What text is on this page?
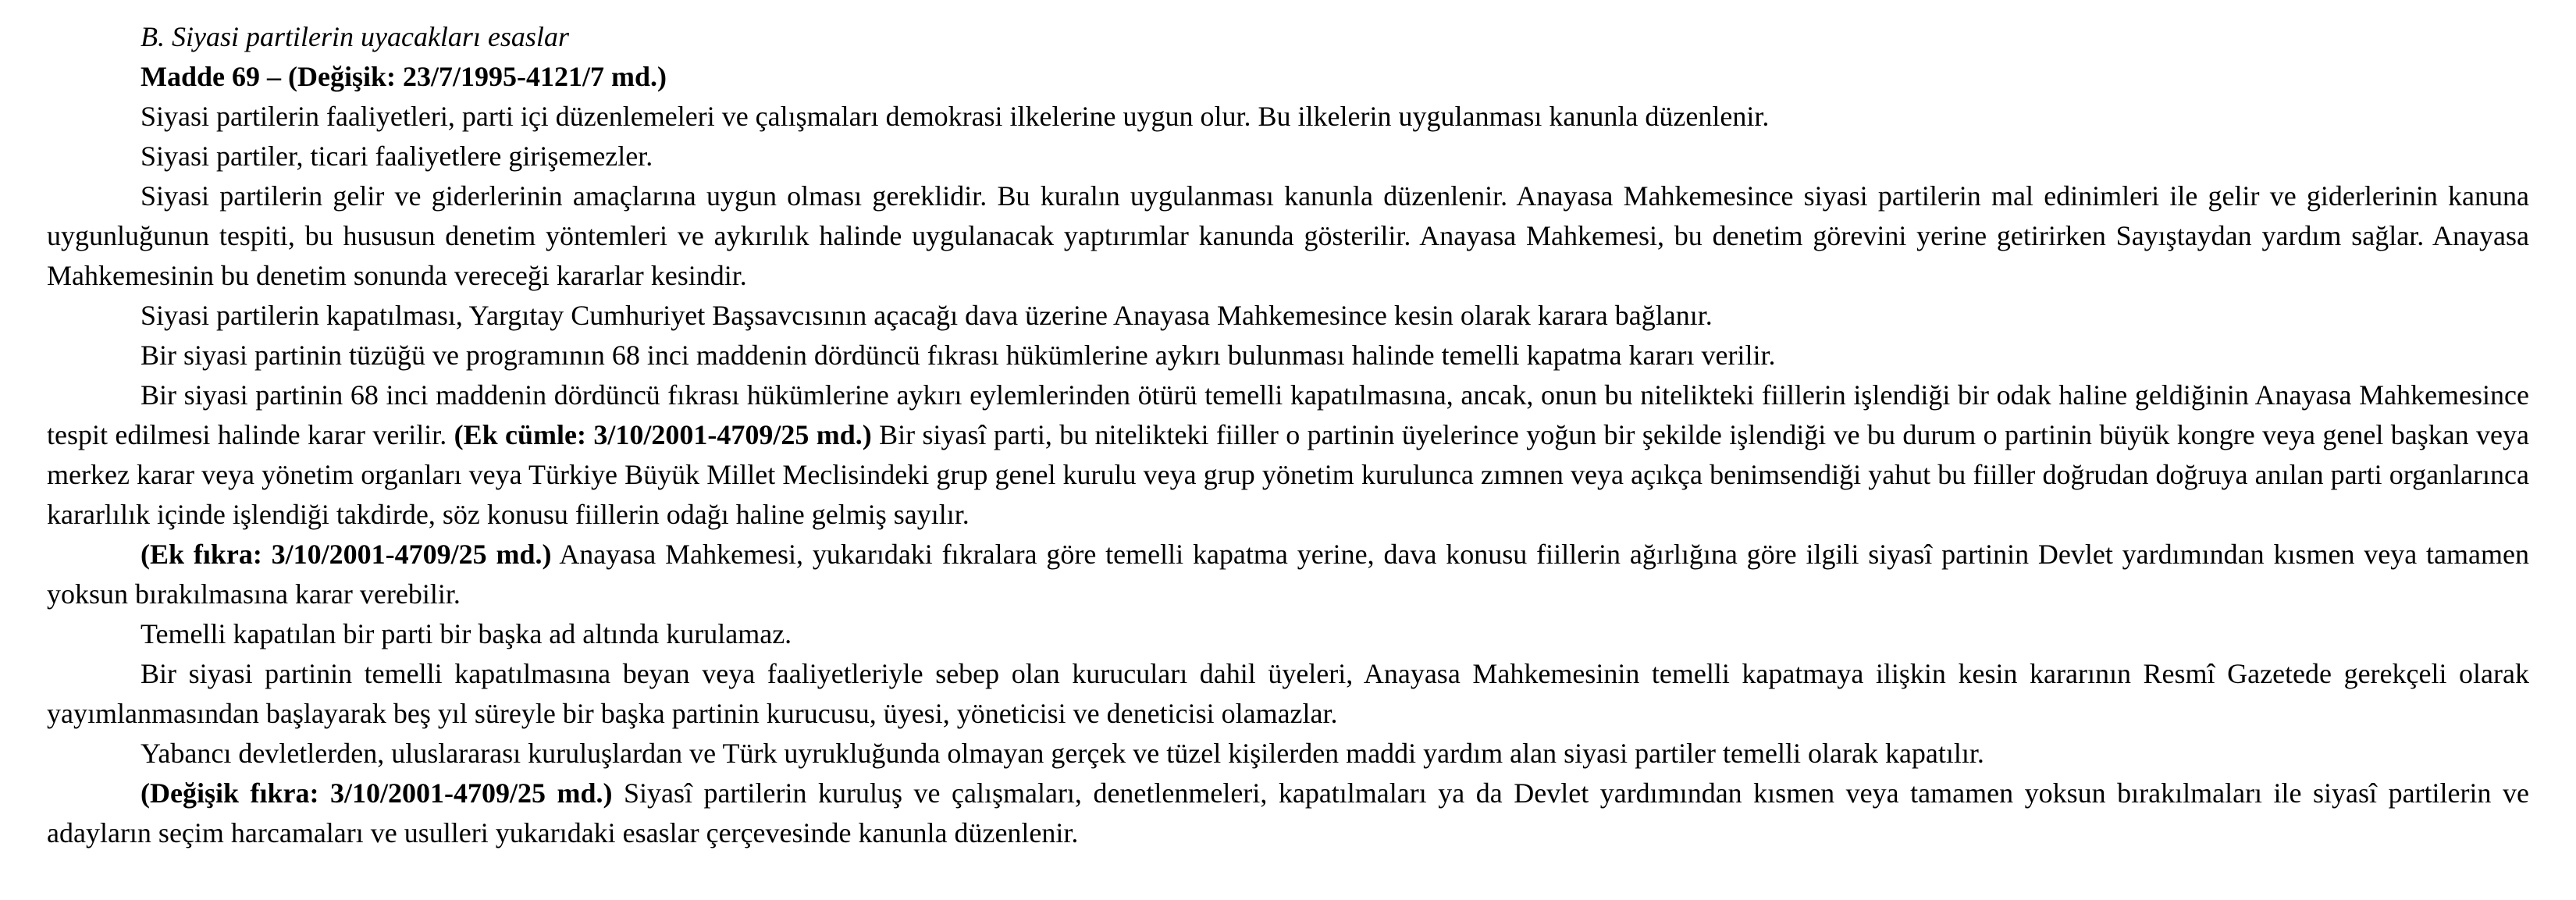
B. Siyasi partilerin uyacakları esaslar

Madde 69 – (Değişik: 23/7/1995-4121/7 md.)

Siyasi partilerin faaliyetleri, parti içi düzenlemeleri ve çalışmaları demokrasi ilkelerine uygun olur. Bu ilkelerin uygulanması kanunla düzenlenir.

Siyasi partiler, ticari faaliyetlere girişemezler.

Siyasi partilerin gelir ve giderlerinin amaçlarına uygun olması gereklidir. Bu kuralın uygulanması kanunla düzenlenir. Anayasa Mahkemesince siyasi partilerin mal edinimleri ile gelir ve giderlerinin kanuna uygunluğunun tespiti, bu hususun denetim yöntemleri ve aykırılık halinde uygulanacak yaptırımlar kanunda gösterilir. Anayasa Mahkemesi, bu denetim görevini yerine getirirken Sayıştaydan yardım sağlar. Anayasa Mahkemesinin bu denetim sonunda vereceği kararlar kesindir.

Siyasi partilerin kapatılması, Yargıtay Cumhuriyet Başsavcısının açacağı dava üzerine Anayasa Mahkemesince kesin olarak karara bağlanır.

Bir siyasi partinin tüzüğü ve programının 68 inci maddenin dördüncü fıkrası hükümlerine aykırı bulunması halinde temelli kapatma kararı verilir.

Bir siyasi partinin 68 inci maddenin dördüncü fıkrası hükümlerine aykırı eylemlerinden ötürü temelli kapatılmasına, ancak, onun bu nitelikteki fiillerin işlendiği bir odak haline geldiğinin Anayasa Mahkemesince tespit edilmesi halinde karar verilir. (Ek cümle: 3/10/2001-4709/25 md.) Bir siyasî parti, bu nitelikteki fiiller o partinin üyelerince yoğun bir şekilde işlendiği ve bu durum o partinin büyük kongre veya genel başkan veya merkez karar veya yönetim organları veya Türkiye Büyük Millet Meclisindeki grup genel kurulu veya grup yönetim kurulunca zımnen veya açıkça benimsendiği yahut bu fiiller doğrudan doğruya anılan parti organlarınca kararlılık içinde işlendiği takdirde, söz konusu fiillerin odağı haline gelmiş sayılır.

(Ek fıkra: 3/10/2001-4709/25 md.) Anayasa Mahkemesi, yukarıdaki fıkralara göre temelli kapatma yerine, dava konusu fiillerin ağırlığına göre ilgili siyasî partinin Devlet yardımından kısmen veya tamamen yoksun bırakılmasına karar verebilir.

Temelli kapatılan bir parti bir başka ad altında kurulamaz.

Bir siyasi partinin temelli kapatılmasına beyan veya faaliyetleriyle sebep olan kurucuları dahil üyeleri, Anayasa Mahkemesinin temelli kapatmaya ilişkin kesin kararının Resmî Gazetede gerekçeli olarak yayımlanmasından başlayarak beş yıl süreyle bir başka partinin kurucusu, üyesi, yöneticisi ve deneticisi olamazlar.

Yabancı devletlerden, uluslararası kuruluşlardan ve Türk uyrukluğunda olmayan gerçek ve tüzel kişilerden maddi yardım alan siyasi partiler temelli olarak kapatılır.

(Değişik fıkra: 3/10/2001-4709/25 md.) Siyasî partilerin kuruluş ve çalışmaları, denetlenmeleri, kapatılmaları ya da Devlet yardımından kısmen veya tamamen yoksun bırakılmaları ile siyasî partilerin ve adayların seçim harcamaları ve usulleri yukarıdaki esaslar çerçevesinde kanunla düzenlenir.
